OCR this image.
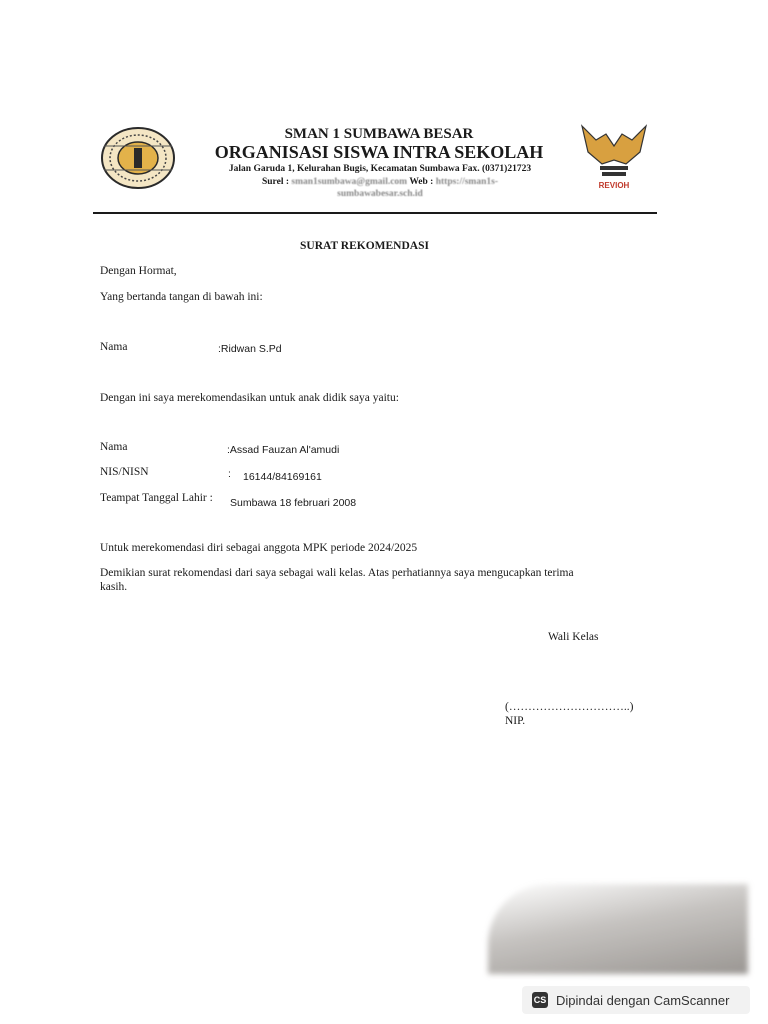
SMAN 1 SUMBAWA BESAR
ORGANISASI SISWA INTRA SEKOLAH
Jalan Garuda 1, Kelurahan Bugis, Kecamatan Sumbawa Fax. (0371)21723
Surel : sman1sumbawa@gmail.com Web : https://sman1s-
sumbawabesar.sch.id
REVIOH
SURAT REKOMENDASI
Dengan Hormat,
Yang bertanda tangan di bawah ini:
Nama	:Ridwan S.Pd
Dengan ini saya merekomendasikan untuk anak didik saya yaitu:
Nama	:Assad Fauzan Al'amudi
NIS/NISN	: 16144/84169161
Teampat Tanggal Lahir : Sumbawa 18 februari 2008
Untuk merekomendasi diri sebagai anggota MPK periode 2024/2025
Demikian surat rekomendasi dari saya sebagai wali kelas. Atas perhatiannya saya mengucapkan terima
kasih.
Wali Kelas
(…………………………..)
NIP.
CS Dipindai dengan CamScanner
